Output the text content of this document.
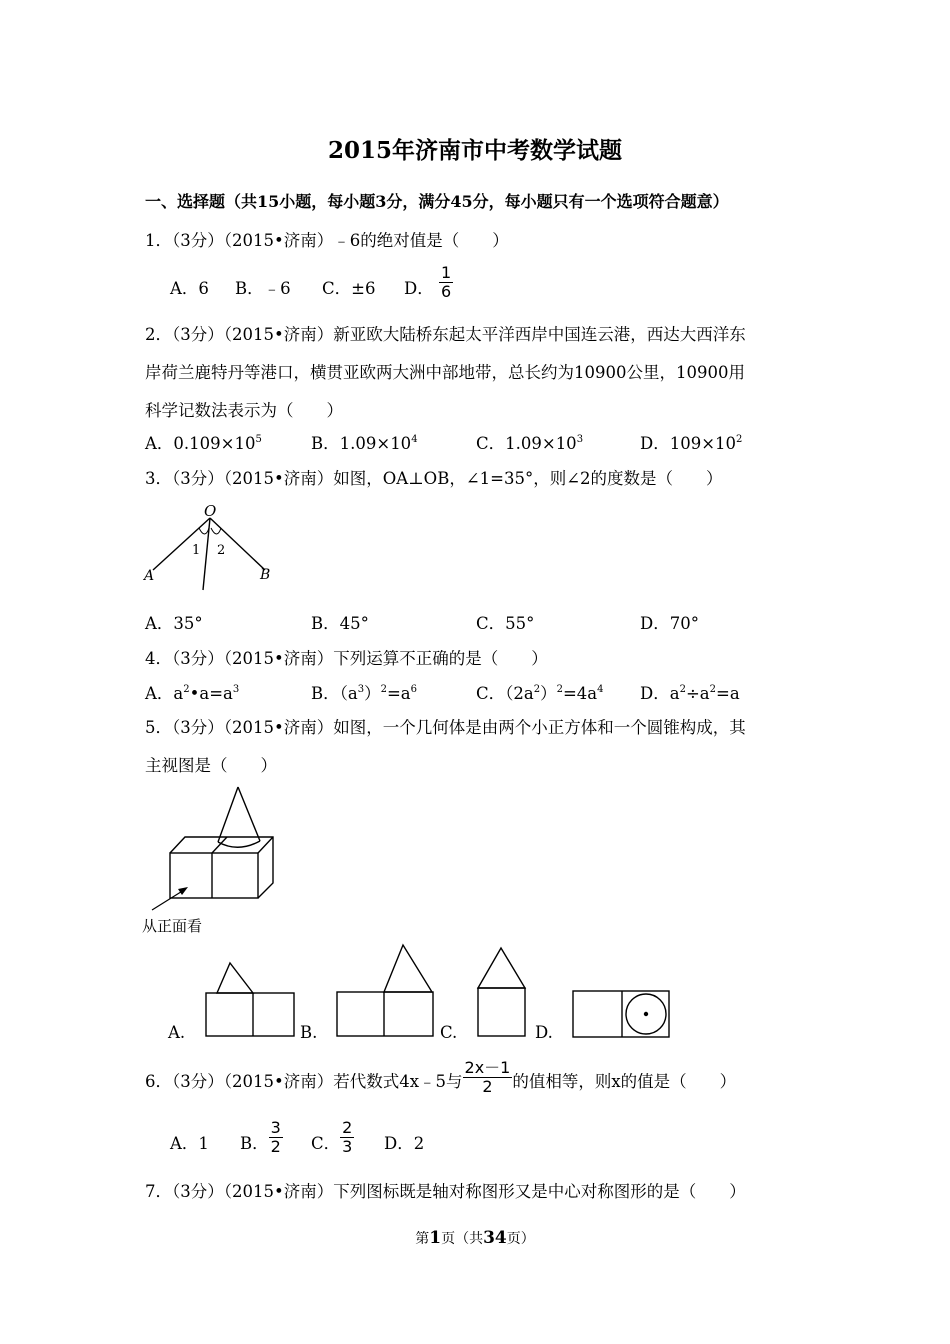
2015年济南市中考数学试题
一、选择题（共15小题，每小题3分，满分45分，每小题只有一个选项符合题意）
1．（3分）（2015•济南）﹣6的绝对值是（　　）
A．6 B．﹣6 C．±6 D． $\frac{1}{6}$
2．（3分）（2015•济南）新亚欧大陆桥东起太平洋西岸中国连云港，西达大西洋东
岸荷兰鹿特丹等港口，横贯亚欧两大洲中部地带，总长约为10900公里，10900用
科学记数法表示为（　　）
A．$0.109\times 10^5$	B．$1.09\times 10^4$	C．$1.09\times 10^3$	D．$109\times 10^2$
3．（3分）（2015•济南）如图，OA⊥OB，∠1=35°，则∠2的度数是（　　）
O
A	B
1 2
A．35°	B．45°	C．55°	D．70°
4．（3分）（2015•济南）下列运算不正确的是（　　）
A．$a^2•a=a^3$	B．$(a^3)^2=a^6$	C．$(2a^2)^2=4a^4$ D．$a^2\div a^2=a$
5．（3分）（2015•济南）如图，一个几何体是由两个小正方体和一个圆锥构成，其
主视图是（　　）
从正面看
A.	B.	C.	D.
6．（3分）（2015•济南）若代数式4x﹣5与 $\frac{2x-1}{2}$ 的值相等，则x的值是（　　）
A．1 B． $\frac{3}{2}$ C． $\frac{2}{3}$ D．2
7．（3分）（2015•济南）下列图标既是轴对称图形又是中心对称图形的是（　　）
第1页（共34页）
